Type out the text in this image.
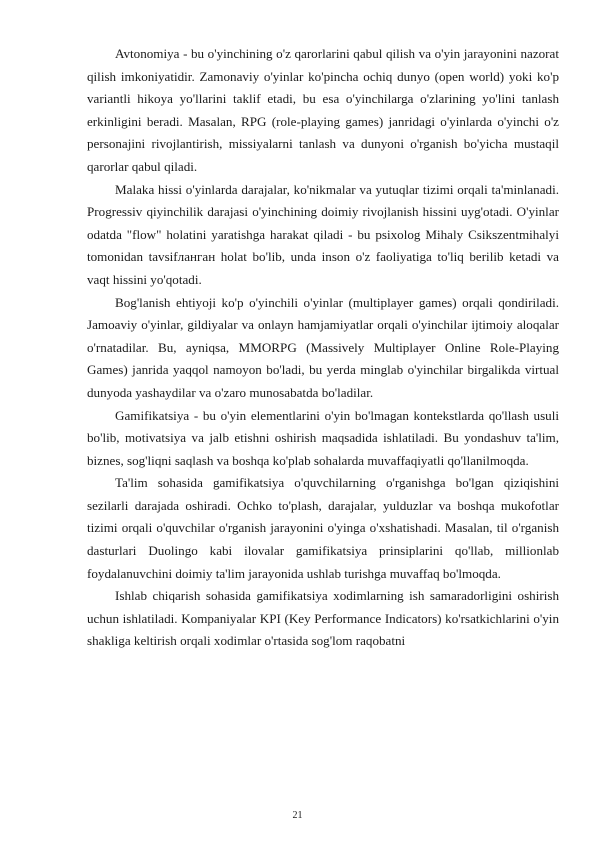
Avtonomiya - bu o'yinchining o'z qarorlarini qabul qilish va o'yin jarayonini nazorat qilish imkoniyatidir. Zamonaviy o'yinlar ko'pincha ochiq dunyo (open world) yoki ko'p variantli hikoya yo'llarini taklif etadi, bu esa o'yinchilarga o'zlarining yo'lini tanlash erkinligini beradi. Masalan, RPG (role-playing games) janridagi o'yinlarda o'yinchi o'z personajini rivojlantirish, missiyalarni tanlash va dunyoni o'rganish bo'yicha mustaqil qarorlar qabul qiladi.

Malaka hissi o'yinlarda darajalar, ko'nikmalar va yutuqlar tizimi orqali ta'minlanadi. Progressiv qiyinchilik darajasi o'yinchining doimiy rivojlanish hissini uyg'otadi. O'yinlar odatda "flow" holatini yaratishga harakat qiladi - bu psixolog Mihaly Csikszentmihalyi tomonidan tavsifланган holat bo'lib, unda inson o'z faoliyatiga to'liq berilib ketadi va vaqt hissini yo'qotadi.

Bog'lanish ehtiyoji ko'p o'yinchili o'yinlar (multiplayer games) orqali qondiriladi. Jamoaviy o'yinlar, gildiyalar va onlayn hamjamiyatlar orqali o'yinchilar ijtimoiy aloqalar o'rnatadilar. Bu, ayniqsa, MMORPG (Massively Multiplayer Online Role-Playing Games) janrida yaqqol namoyon bo'ladi, bu yerda minglab o'yinchilar birgalikda virtual dunyoda yashaydilar va o'zaro munosabatda bo'ladilar.

Gamifikatsiya - bu o'yin elementlarini o'yin bo'lmagan kontekstlarda qo'llash usuli bo'lib, motivatsiya va jalb etishni oshirish maqsadida ishlatiladi. Bu yondashuv ta'lim, biznes, sog'liqni saqlash va boshqa ko'plab sohalarda muvaffaqiyatli qo'llanilmoqda.

Ta'lim sohasida gamifikatsiya o'quvchilarning o'rganishga bo'lgan qiziqishini sezilarli darajada oshiradi. Ochko to'plash, darajalar, yulduzlar va boshqa mukofotlar tizimi orqali o'quvchilar o'rganish jarayonini o'yinga o'xshatishadi. Masalan, til o'rganish dasturlari Duolingo kabi ilovalar gamifikatsiya prinsiplarini qo'llab, millionlab foydalanuvchini doimiy ta'lim jarayonida ushlab turishga muvaffaq bo'lmoqda.

Ishlab chiqarish sohasida gamifikatsiya xodimlarning ish samaradorligini oshirish uchun ishlatiladi. Kompaniyalar KPI (Key Performance Indicators) ko'rsatkichlarini o'yin shakliga keltirish orqali xodimlar o'rtasida sog'lom raqobatni

21
